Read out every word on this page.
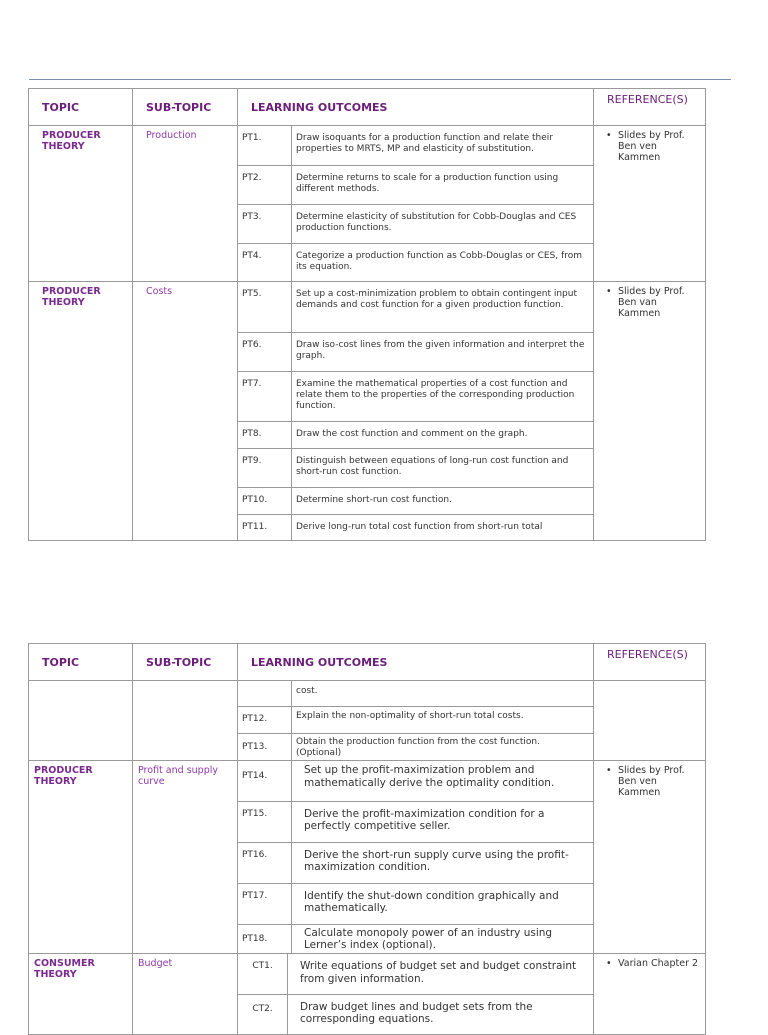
TOPIC	SUB-TOPIC	LEARNING OUTCOMES	REFERENCE(S)
PRODUCER THEORY	Production		PT1.	Draw isoquants for a production function and relate their properties to MRTS, MP and elasticity of substitution.
PT2.	Determine returns to scale for a production function using different methods.
PT3.	Determine elasticity of substitution for Cobb-Douglas and CES production functions.
PT4.	Categorize a production function as Cobb-Douglas or CES, from its equation.

• Slides by Prof. Ben ven Kammen

PRODUCER THEORY	Costs		PT5.	Set up a cost-minimization problem to obtain contingent input demands and cost function for a given production function.
PT6.	Draw iso-cost lines from the given information and interpret the graph.
PT7.	Examine the mathematical properties of a cost function and relate them to the properties of the corresponding production function.
PT8.	Draw the cost function and comment on the graph.
PT9.	Distinguish between equations of long-run cost function and short-run cost function.
PT10.	Determine short-run cost function.
PT11.	Derive long-run total cost function from short-run total

• Slides by Prof. Ben van Kammen
TOPIC	SUB-TOPIC	LEARNING OUTCOMES	REFERENCE(S)

	cost.
PT12.	Explain the non-optimality of short-run total costs.
PT13.	Obtain the production function from the cost function. (Optional)

PRODUCER THEORY	Profit and supply curve		PT14.	Set up the profit-maximization problem and mathematically derive the optimality condition.
PT15.	Derive the profit-maximization condition for a perfectly competitive seller.
PT16.	Derive the short-run supply curve using the profit-maximization condition.
PT17.	Identify the shut-down condition graphically and mathematically.
PT18.	Calculate monopoly power of an industry using Lerner’s index (optional).

• Slides by Prof. Ben ven Kammen

CONSUMER THEORY	Budget		CT1.	Write equations of budget set and budget constraint from given information.
CT2.	Draw budget lines and budget sets from the corresponding equations.

• Varian Chapter 2
